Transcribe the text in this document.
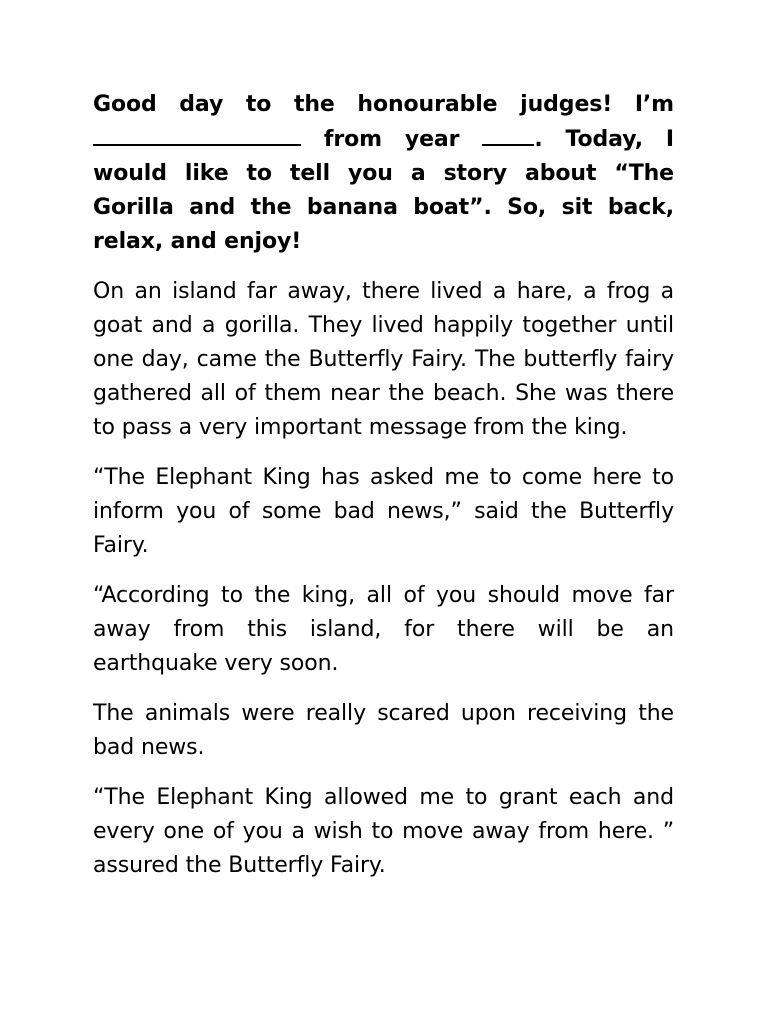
Good day to the honourable judges! I’m  from year . Today, I would like to tell you a story about “The Gorilla and the banana boat”. So, sit back, relax, and enjoy!

On an island far away, there lived a hare, a frog a goat and a gorilla. They lived happily together until one day, came the Butterfly Fairy. The butterfly fairy gathered all of them near the beach. She was there to pass a very important message from the king.

“The Elephant King has asked me to come here to inform you of some bad news,” said the Butterfly Fairy.

“According to the king, all of you should move far away from this island, for there will be an earthquake very soon.

The animals were really scared upon receiving the bad news.

“The Elephant King allowed me to grant each and every one of you a wish to move away from here. ” assured the Butterfly Fairy.
